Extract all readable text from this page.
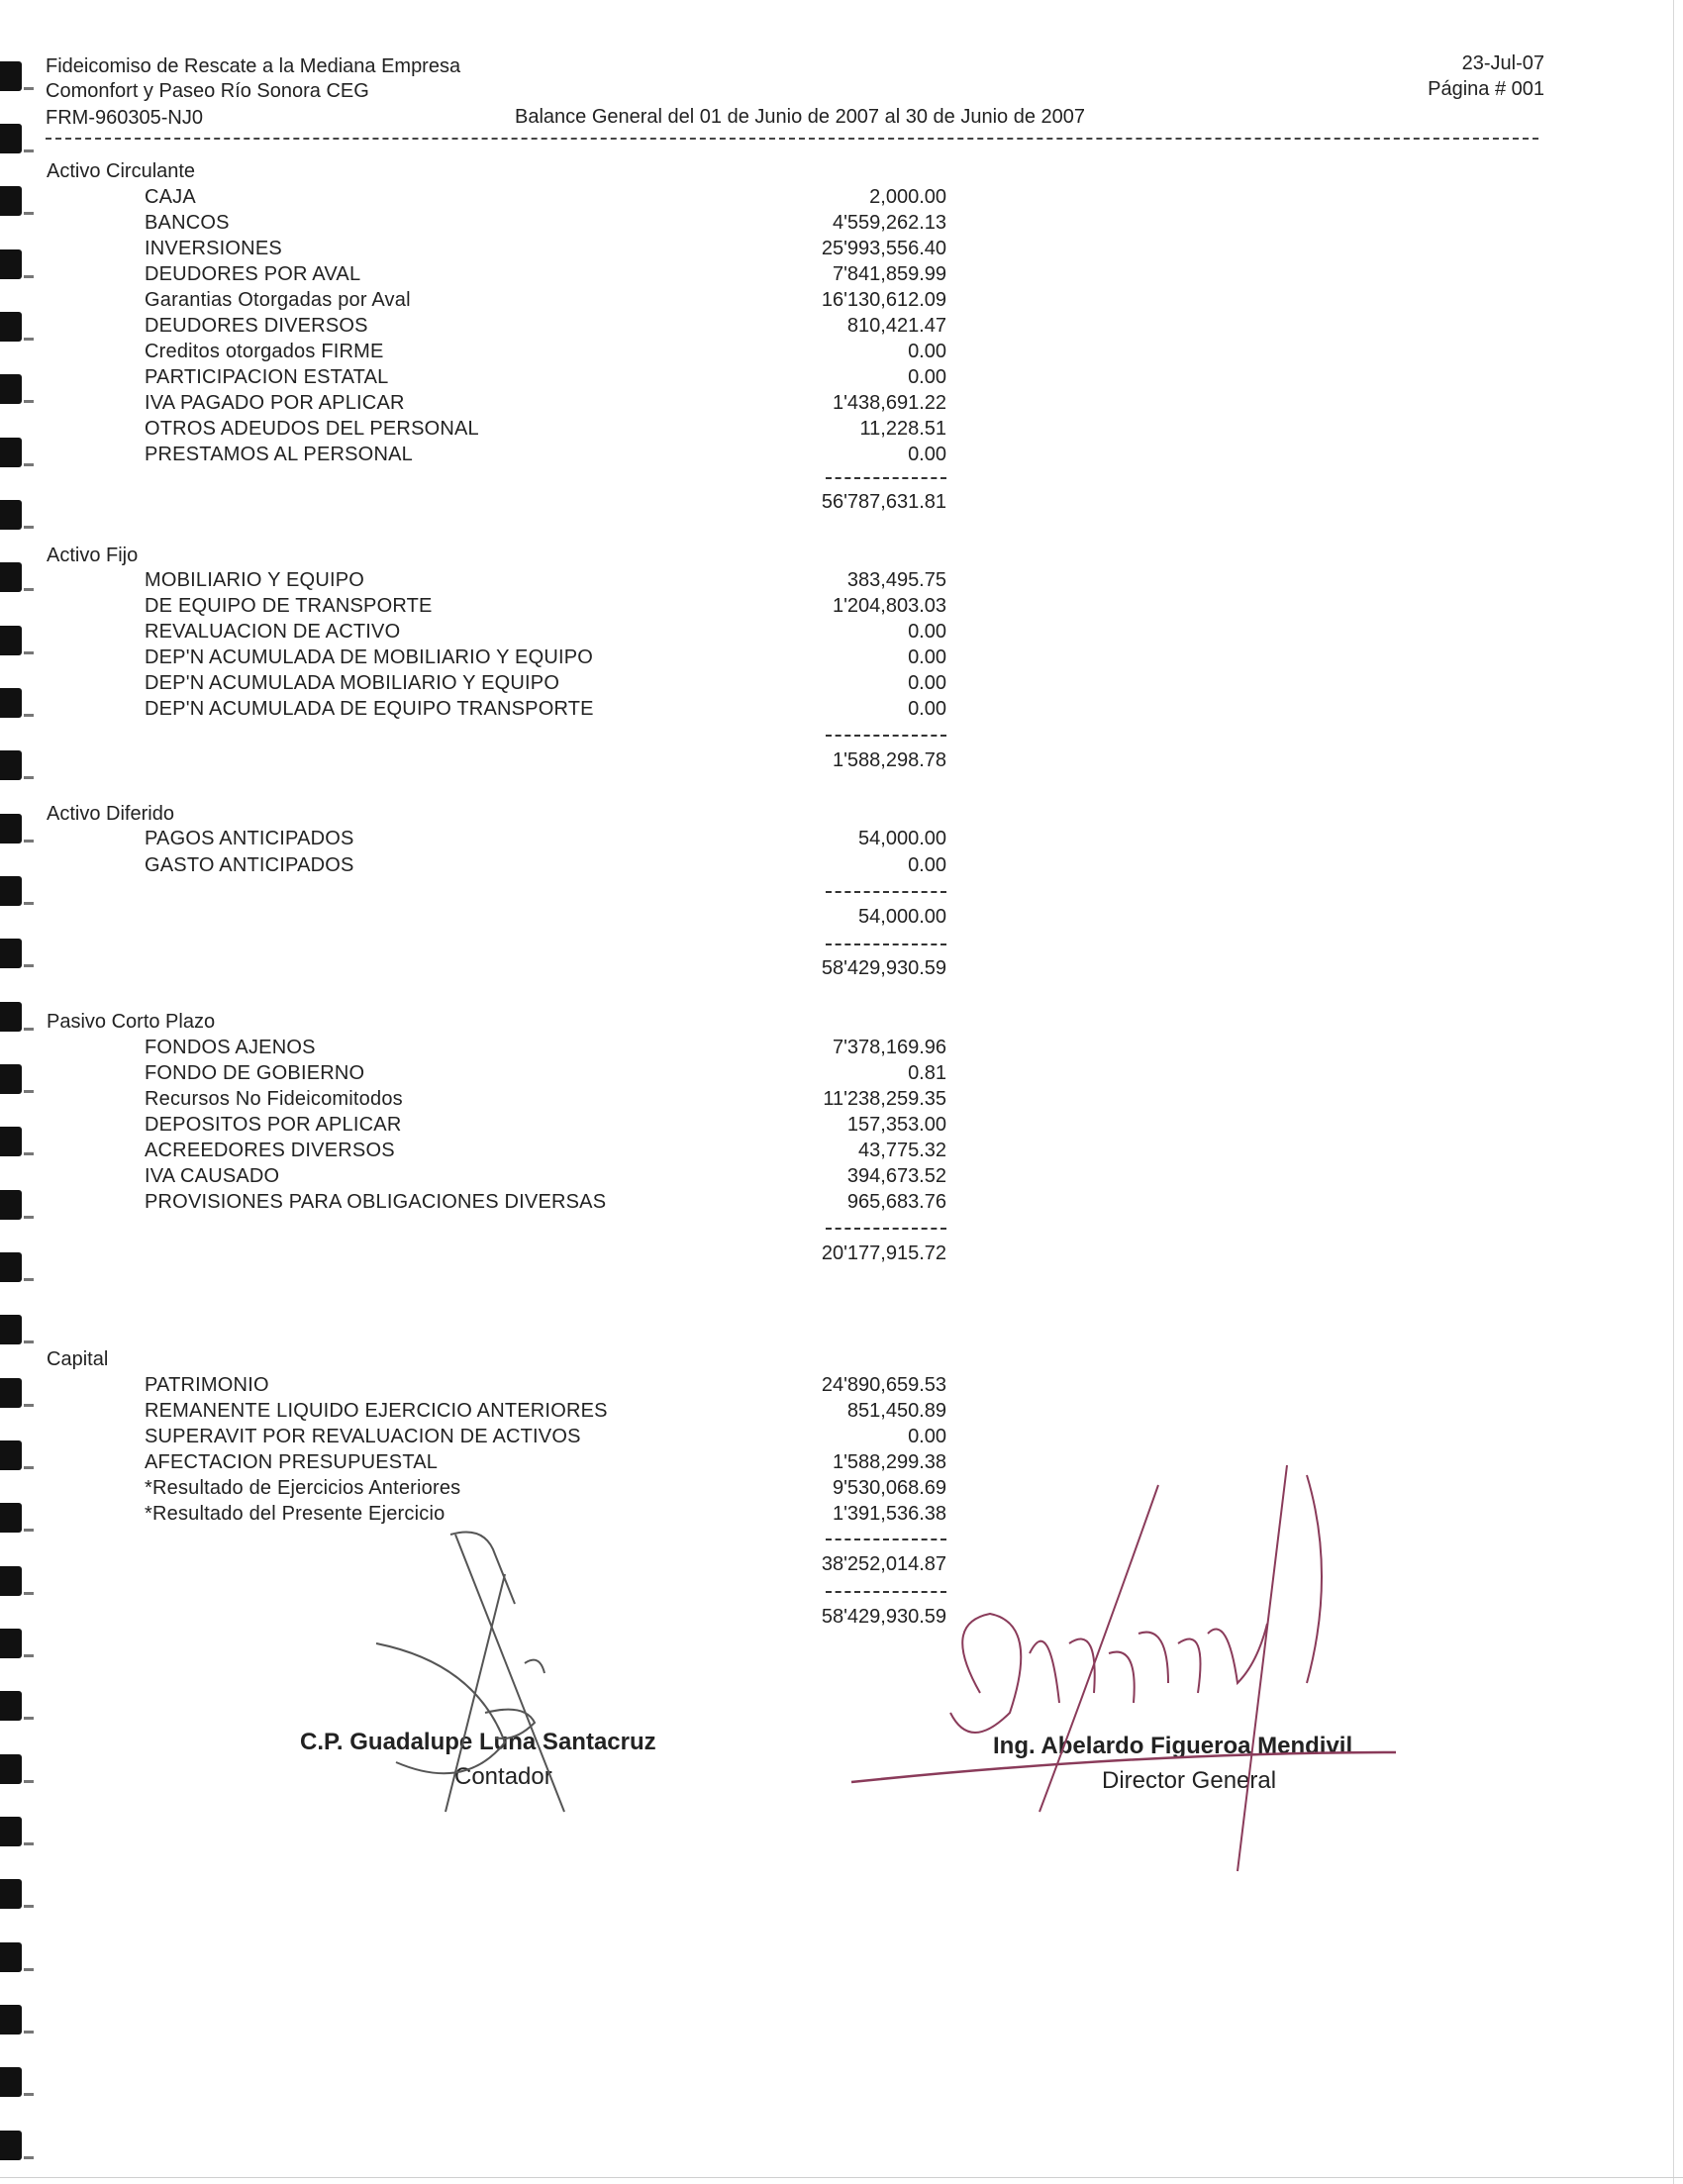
Fideicomiso de Rescate a la Mediana Empresa
Comonfort y Paseo Río Sonora CEG
FRM-960305-NJ0	Balance General del 01 de Junio de 2007 al 30 de Junio de 2007
23-Jul-07
Página # 001
Activo Circulante
CAJA	2,000.00
BANCOS	4'559,262.13
INVERSIONES	25'993,556.40
DEUDORES POR AVAL	7'841,859.99
Garantias Otorgadas por Aval	16'130,612.09
DEUDORES DIVERSOS	810,421.47
Creditos otorgados FIRME	0.00
PARTICIPACION ESTATAL	0.00
IVA PAGADO POR APLICAR	1'438,691.22
OTROS ADEUDOS DEL PERSONAL	11,228.51
PRESTAMOS AL PERSONAL	0.00
56'787,631.81
Activo Fijo
MOBILIARIO Y EQUIPO	383,495.75
DE EQUIPO DE TRANSPORTE	1'204,803.03
REVALUACION DE ACTIVO	0.00
DEP'N ACUMULADA DE MOBILIARIO Y EQUIPO	0.00
DEP'N ACUMULADA MOBILIARIO Y EQUIPO	0.00
DEP'N ACUMULADA DE EQUIPO TRANSPORTE	0.00
1'588,298.78
Activo Diferido
PAGOS ANTICIPADOS	54,000.00
GASTO ANTICIPADOS	0.00
54,000.00
58'429,930.59
Pasivo Corto Plazo
FONDOS AJENOS	7'378,169.96
FONDO DE GOBIERNO	0.81
Recursos No Fideicomitodos	11'238,259.35
DEPOSITOS POR APLICAR	157,353.00
ACREEDORES DIVERSOS	43,775.32
IVA CAUSADO	394,673.52
PROVISIONES PARA OBLIGACIONES DIVERSAS	965,683.76
20'177,915.72
Capital
PATRIMONIO	24'890,659.53
REMANENTE LIQUIDO EJERCICIO ANTERIORES	851,450.89
SUPERAVIT POR REVALUACION DE ACTIVOS	0.00
AFECTACION PRESUPUESTAL	1'588,299.38
*Resultado de Ejercicios Anteriores	9'530,068.69
*Resultado del Presente Ejercicio	1'391,536.38
38'252,014.87
58'429,930.59
C.P. Guadalupe Luna Santacruz
Contador
Ing. Abelardo Figueroa Mendivil
Director General
